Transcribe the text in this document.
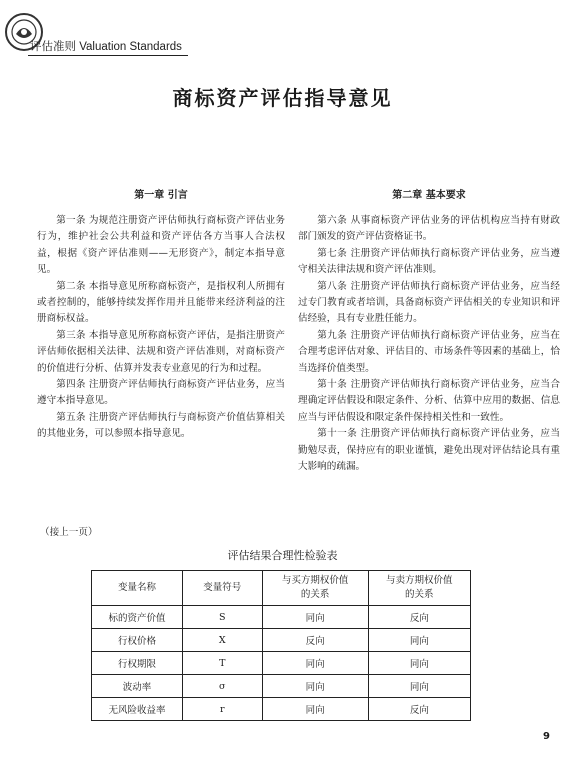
评估准则 Valuation Standards
商标资产评估指导意见
第一章 引言

第一条 为规范注册资产评估师执行商标资产评估业务行为，维护社会公共利益和资产评估各方当事人合法权益，根据《资产评估准则——无形资产》，制定本指导意见。

第二条 本指导意见所称商标资产，是指权利人所拥有或者控制的，能够持续发挥作用并且能带来经济利益的注册商标权益。

第三条 本指导意见所称商标资产评估，是指注册资产评估师依据相关法律、法规和资产评估准则，对商标资产的价值进行分析、估算并发表专业意见的行为和过程。

第四条 注册资产评估师执行商标资产评估业务，应当遵守本指导意见。

第五条 注册资产评估师执行与商标资产价值估算相关的其他业务，可以参照本指导意见。

第二章 基本要求

第六条 从事商标资产评估业务的评估机构应当持有财政部门颁发的资产评估资格证书。

第七条 注册资产评估师执行商标资产评估业务，应当遵守相关法律法规和资产评估准则。

第八条 注册资产评估师执行商标资产评估业务，应当经过专门教育或者培训，具备商标资产评估相关的专业知识和评估经验，具有专业胜任能力。

第九条 注册资产评估师执行商标资产评估业务，应当在合理考虑评估对象、评估目的、市场条件等因素的基础上，恰当选择价值类型。

第十条 注册资产评估师执行商标资产评估业务，应当合理确定评估假设和限定条件、分析、估算中应用的数据、信息应当与评估假设和限定条件保持相关性和一致性。

第十一条 注册资产评估师执行商标资产评估业务，应当勤勉尽责，保持应有的职业谨慎，避免出现对评估结论具有重大影响的疏漏。

（接上一页）
评估结果合理性检验表
变量名称	变量符号	与买方期权价值的关系	与卖方期权价值的关系
标的资产价值	S	同向	反向
行权价格	X	反向	同向
行权期限	T	同向	同向
波动率	σ	同向	同向
无风险收益率	r	同向	反向
9
